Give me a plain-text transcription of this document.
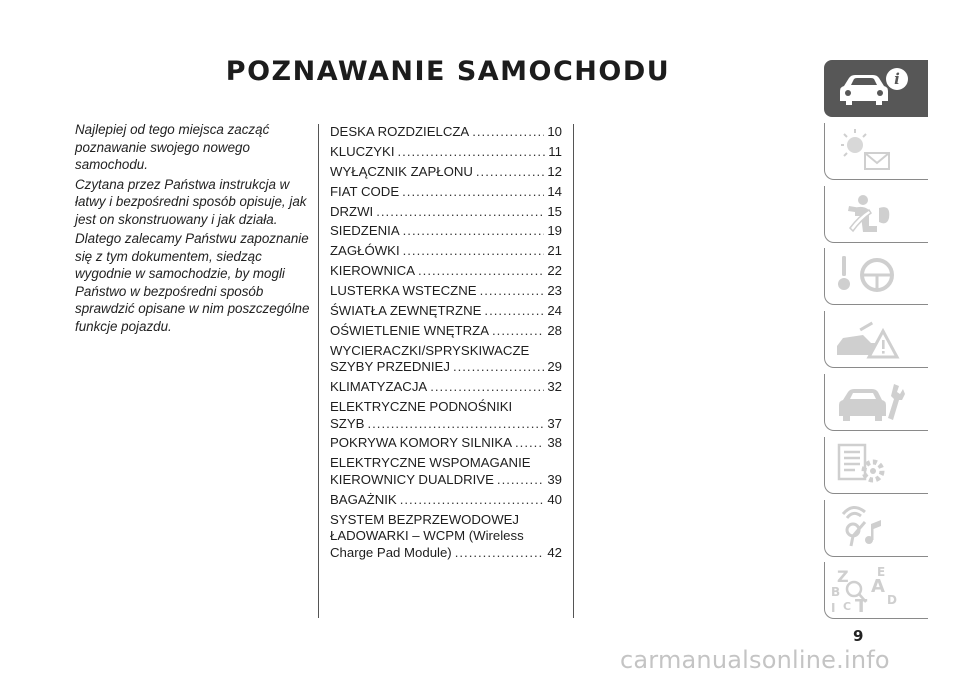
POZNAWANIE SAMOCHODU

Najlepiej od tego miejsca zacząć poznawanie swojego nowego samochodu.

Czytana przez Państwa instrukcja w łatwy i bezpośredni sposób opisuje, jak jest on skonstruowany i jak działa.

Dlatego zalecamy Państwu zapoznanie się z tym dokumentem, siedząc wygodnie w samochodzie, by mogli Państwo w bezpośredni sposób sprawdzić opisane w nim poszczególne funkcje pojazdu.

DESKA ROZDZIELCZA .....	10
KLUCZYKI .....	11
WYŁĄCZNIK ZAPŁONU .....	12
FIAT CODE .....	14
DRZWI .....	15
SIEDZENIA .....	19
ZAGŁÓWKI .....	21
KIEROWNICA .....	22
LUSTERKA WSTECZNE .....	23
ŚWIATŁA ZEWNĘTRZNE .....	24
OŚWIETLENIE WNĘTRZA .....	28
WYCIERACZKI/SPRYSKIWACZE
SZYBY PRZEDNIEJ .....	29
KLIMATYZACJA .....	32
ELEKTRYCZNE PODNOŚNIKI
SZYB .....	37
POKRYWA KOMORY SILNIKA .....	38
ELEKTRYCZNE WSPOMAGANIE
KIEROWNICY DUALDRIVE .....	39
BAGAŻNIK .....	40
SYSTEM BEZPRZEWODOWEJ
ŁADOWARKI – WCPM (Wireless
Charge Pad Module) .....	42
i
Z E
A
B
C T D
I
9
carmanualsonline.info
